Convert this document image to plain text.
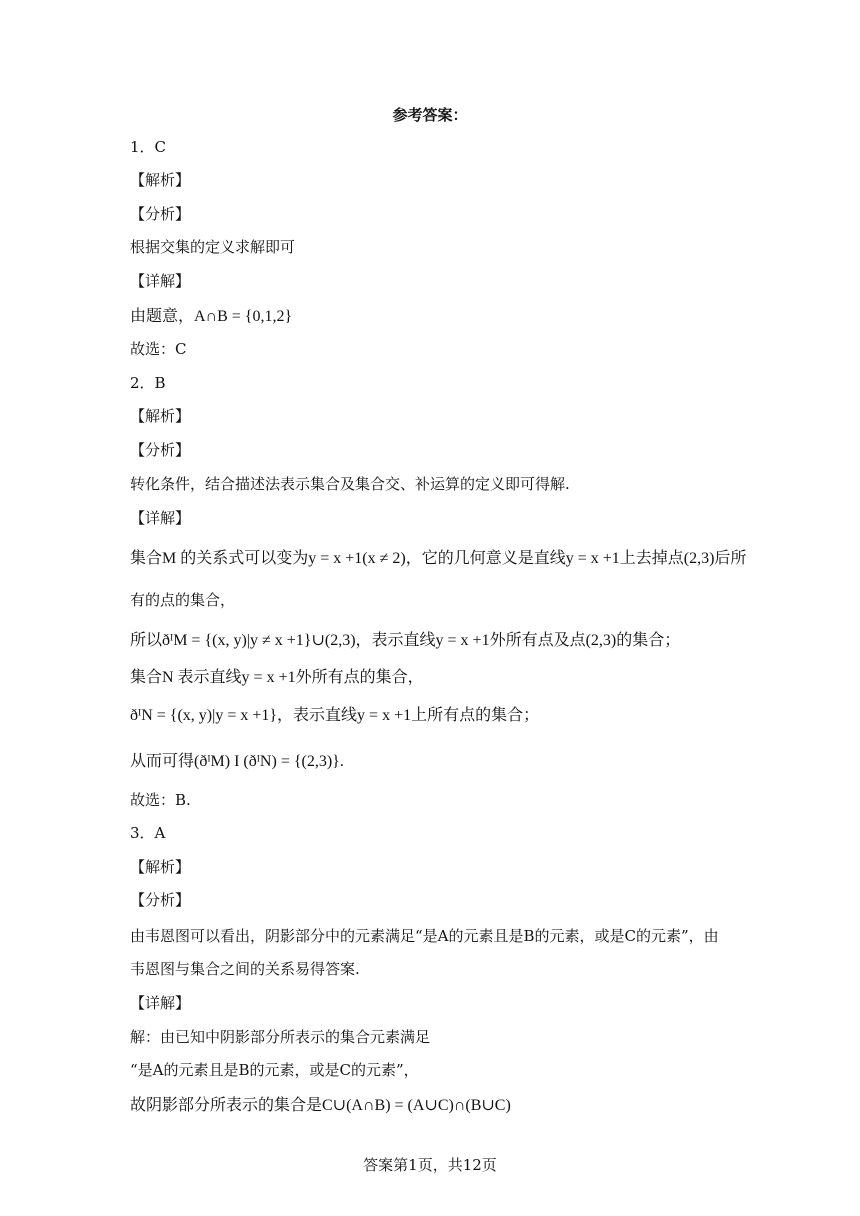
参考答案：
1．C
【解析】
【分析】
根据交集的定义求解即可
【详解】
由题意，A∩B = {0,1,2}
故选：C
2．B
【解析】
【分析】
转化条件，结合描述法表示集合及集合交、补运算的定义即可得解.
【详解】
集合M 的关系式可以变为y = x +1(x ≠ 2)，它的几何意义是直线y = x +1上去掉点(2,3)后所
有的点的集合，
所以ðᴵM = {(x, y)|y ≠ x +1}∪(2,3)，表示直线y = x +1外所有点及点(2,3)的集合；
集合N 表示直线y = x +1外所有点的集合，
ðᴵN = {(x, y)|y = x +1}，表示直线y = x +1上所有点的集合；
从而可得(ðᴵM) I (ðᴵN) = {(2,3)}.
故选：B.
3．A
【解析】
【分析】
由韦恩图可以看出，阴影部分中的元素满足“是A的元素且是B的元素，或是C的元素”，由
韦恩图与集合之间的关系易得答案.
【详解】
解：由已知中阴影部分所表示的集合元素满足
“是A的元素且是B的元素，或是C的元素”，
故阴影部分所表示的集合是C∪(A∩B) = (A∪C)∩(B∪C)
答案第1页，共12页
